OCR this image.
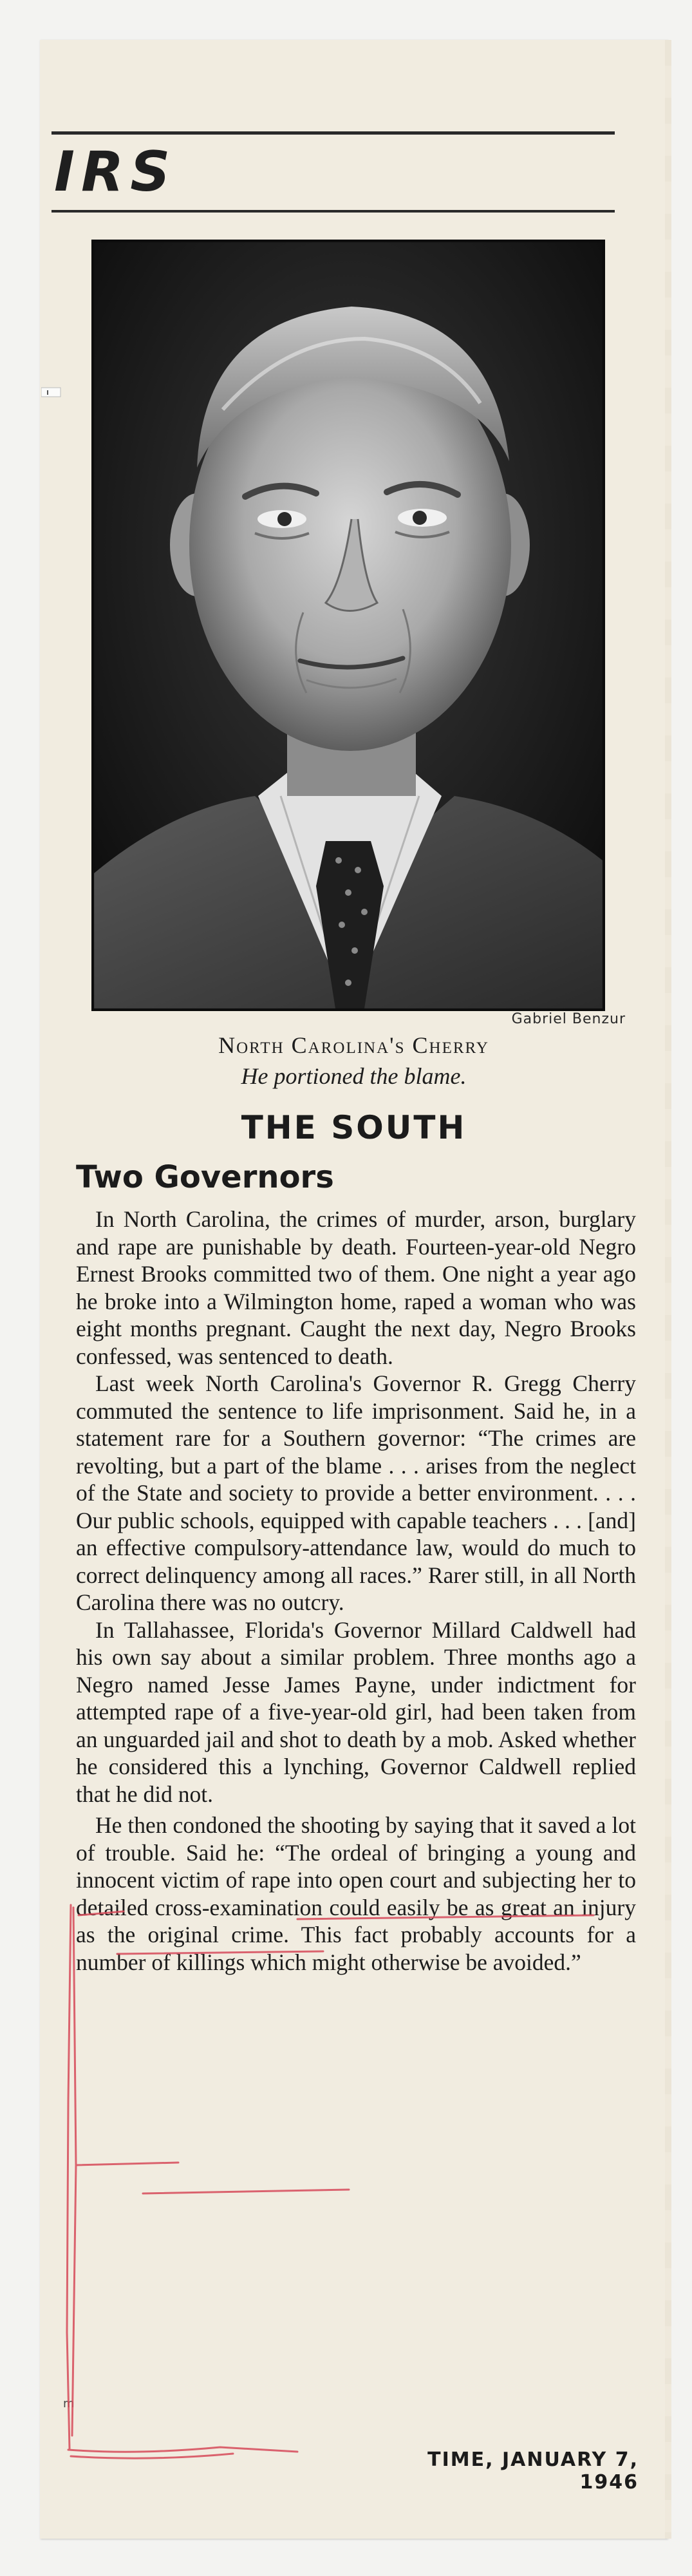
IRS
Gabriel Benzur
North Carolina's Cherry
He portioned the blame.
THE SOUTH
Two Governors

In North Carolina, the crimes of murder, arson, burglary and rape are punishable by death. Fourteen-year-old Negro Ernest Brooks committed two of them. One night a year ago he broke into a Wilmington home, raped a woman who was eight months pregnant. Caught the next day, Negro Brooks confessed, was sentenced to death.

Last week North Carolina's Governor R. Gregg Cherry commuted the sentence to life imprisonment. Said he, in a statement rare for a Southern governor: “The crimes are revolting, but a part of the blame . . . arises from the neglect of the State and society to provide a better environment. . . . Our public schools, equipped with capable teachers . . . [and] an effective compulsory-attendance law, would do much to correct delinquency among all races.” Rarer still, in all North Carolina there was no outcry.

In Tallahassee, Florida's Governor Millard Caldwell had his own say about a similar problem. Three months ago a Negro named Jesse James Payne, under indictment for attempted rape of a five-year-old girl, had been taken from an unguarded jail and shot to death by a mob. Asked whether he considered this a lynching, Governor Caldwell replied that he did not.

He then condoned the shooting by saying that it saved a lot of trouble. Said he: “The ordeal of bringing a young and innocent victim of rape into open court and subjecting her to detailed cross-examination could easily be as great an injury as the original crime. This fact probably accounts for a number of killings which might otherwise be avoided.”

TIME, JANUARY 7, 1946
m
